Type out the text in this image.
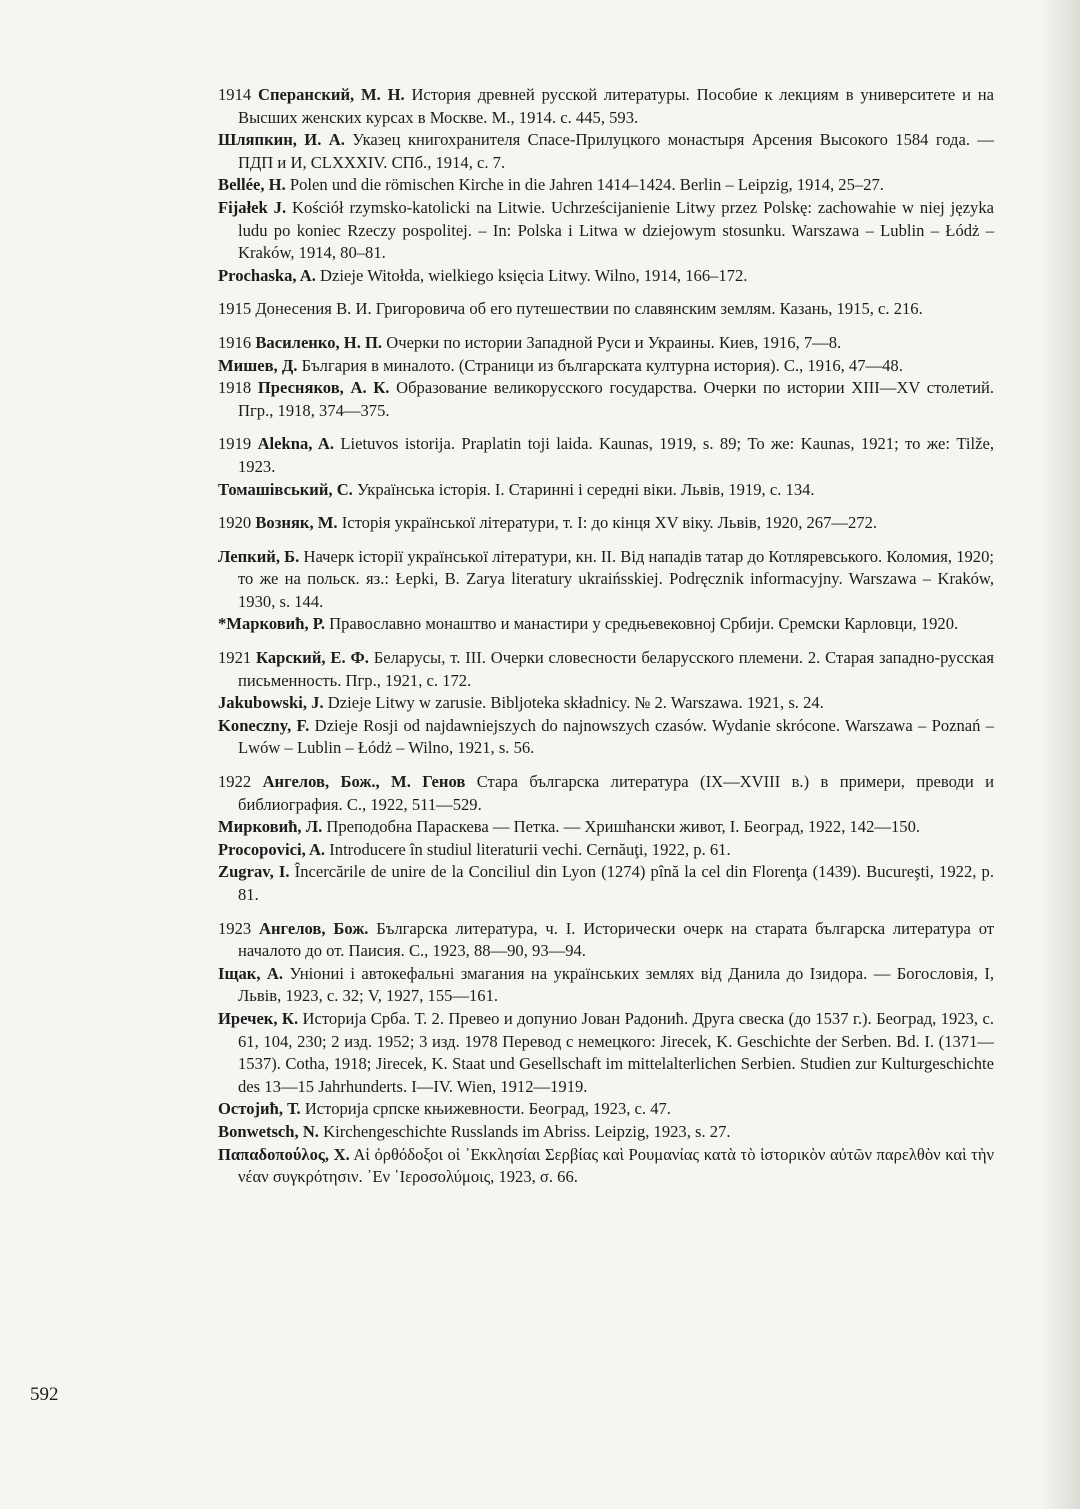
1914 Сперанский, М. Н. История древней русской литературы. Пособие к лекциям в университете и на Высших женских курсах в Москве. М., 1914. с. 445, 593.

Шляпкин, И. А. Указец книгохранителя Спасе-Прилуцкого монастыря Арсения Высокого 1584 года. — ПДП и И, CLXXXIV. СПб., 1914, с. 7.

Bellée, H. Polen und die römischen Kirche in die Jahren 1414–1424. Berlin – Leipzig, 1914, 25–27.

Fijałek J. Kościół rzymsko-katolicki na Litwie. Uchrześcijanienie Litwy przez Polskę: zachowahie w niej języka ludu po koniec Rzeczy pospolitej. – In: Polska i Litwa w dziejowym stosunku. Warszawa – Lublin – Łódż – Kraków, 1914, 80–81.

Prochaska, A. Dzieje Witołda, wielkiego księcia Litwy. Wilno, 1914, 166–172.

1915 Донесения В. И. Григоровича об его путешествии по славянским землям. Казань, 1915, с. 216.

1916 Василенко, Н. П. Очерки по истории Западной Руси и Украины. Киев, 1916, 7—8.

Мишев, Д. България в миналото. (Страници из българската културна история). С., 1916, 47—48.

1918 Пресняков, А. К. Образование великорусского государства. Очерки по истории XIII—XV столетий. Пгр., 1918, 374—375.

1919 Alekna, A. Lietuvos istorija. Praplatin toji laida. Kaunas, 1919, s. 89; То же: Kaunas, 1921; то же: Tilže, 1923.

Томашівський, С. Українська історія. I. Старинні і середні віки. Львів, 1919, с. 134.

1920 Возняк, М. Історія української літератури, т. I: до кінця XV віку. Львів, 1920, 267—272.

Лепкий, Б. Начерк історії української літератури, кн. II. Від нападів татар до Котляревського. Коломия, 1920; то же на польск. яз.: Łepki, B. Zarya literatury ukraińsskiej. Podręcznik informacyjny. Warszawa – Kraków, 1930, s. 144.

*Марковић, Р. Православно монаштво и манастири у средњевековној Србији. Сремски Карловци, 1920.

1921 Карский, Е. Ф. Беларусы, т. III. Очерки словесности беларусского племени. 2. Старая западно-русская письменность. Пгр., 1921, с. 172.

Jakubowski, J. Dzieje Litwy w zarusie. Bibljoteka składnicy. № 2. Warszawa. 1921, s. 24.

Koneczny, F. Dzieje Rosji od najdawniejszych do najnowszych czasów. Wydanie skrócone. Warszawa – Poznań – Lwów – Lublin – Łódż – Wilno, 1921, s. 56.

1922 Ангелов, Бож., М. Генов Стара българска литература (IX—XVIII в.) в примери, преводи и библиография. С., 1922, 511—529.

Мирковић, Л. Преподобна Параскева — Петка. — Хришћански живот, I. Београд, 1922, 142—150.

Procopovici, A. Introducere în studiul literaturii vechi. Cernăuţi, 1922, p. 61.

Zugrav, I. Încercările de unire de la Conciliul din Lyon (1274) pînă la cel din Florenţa (1439). Bucureşti, 1922, p. 81.

1923 Ангелов, Бож. Българска литература, ч. I. Исторически очерк на старата българска литература от началото до от. Паисия. С., 1923, 88—90, 93—94.

Іщак, А. Уніониі і автокефальні змагания на українських землях від Данила до Ізидора. — Богословія, I, Львів, 1923, с. 32; V, 1927, 155—161.

Иречек, К. Историја Срба. Т. 2. Превео и допунио Јован Радонић. Друга свеска (до 1537 г.). Београд, 1923, с. 61, 104, 230; 2 изд. 1952; 3 изд. 1978 Перевод с немецкого: Jirecek, K. Geschichte der Serben. Bd. I. (1371—1537). Cotha, 1918; Jirecek, K. Staat und Gesellschaft im mittelalterlichen Serbien. Studien zur Kulturgeschichte des 13—15 Jahrhunderts. I—IV. Wien, 1912—1919.

Остојић, Т. Историја српске књижевности. Београд, 1923, с. 47.

Bonwetsch, N. Kirchengeschichte Russlands im Abriss. Leipzig, 1923, s. 27.

Παπαδοπούλος, Χ. Αἱ ὀρθόδοξοι οἱ ᾿Εκκλησίαι Σερβίας καὶ Ρουμανίας κατὰ τὸ ἱστορικὸν αὐτῶν παρελθὸν καὶ τὴν νέαν συγκρότησιν. ᾿Εν ῾Ιεροσολύμοις, 1923, σ. 66.

592
